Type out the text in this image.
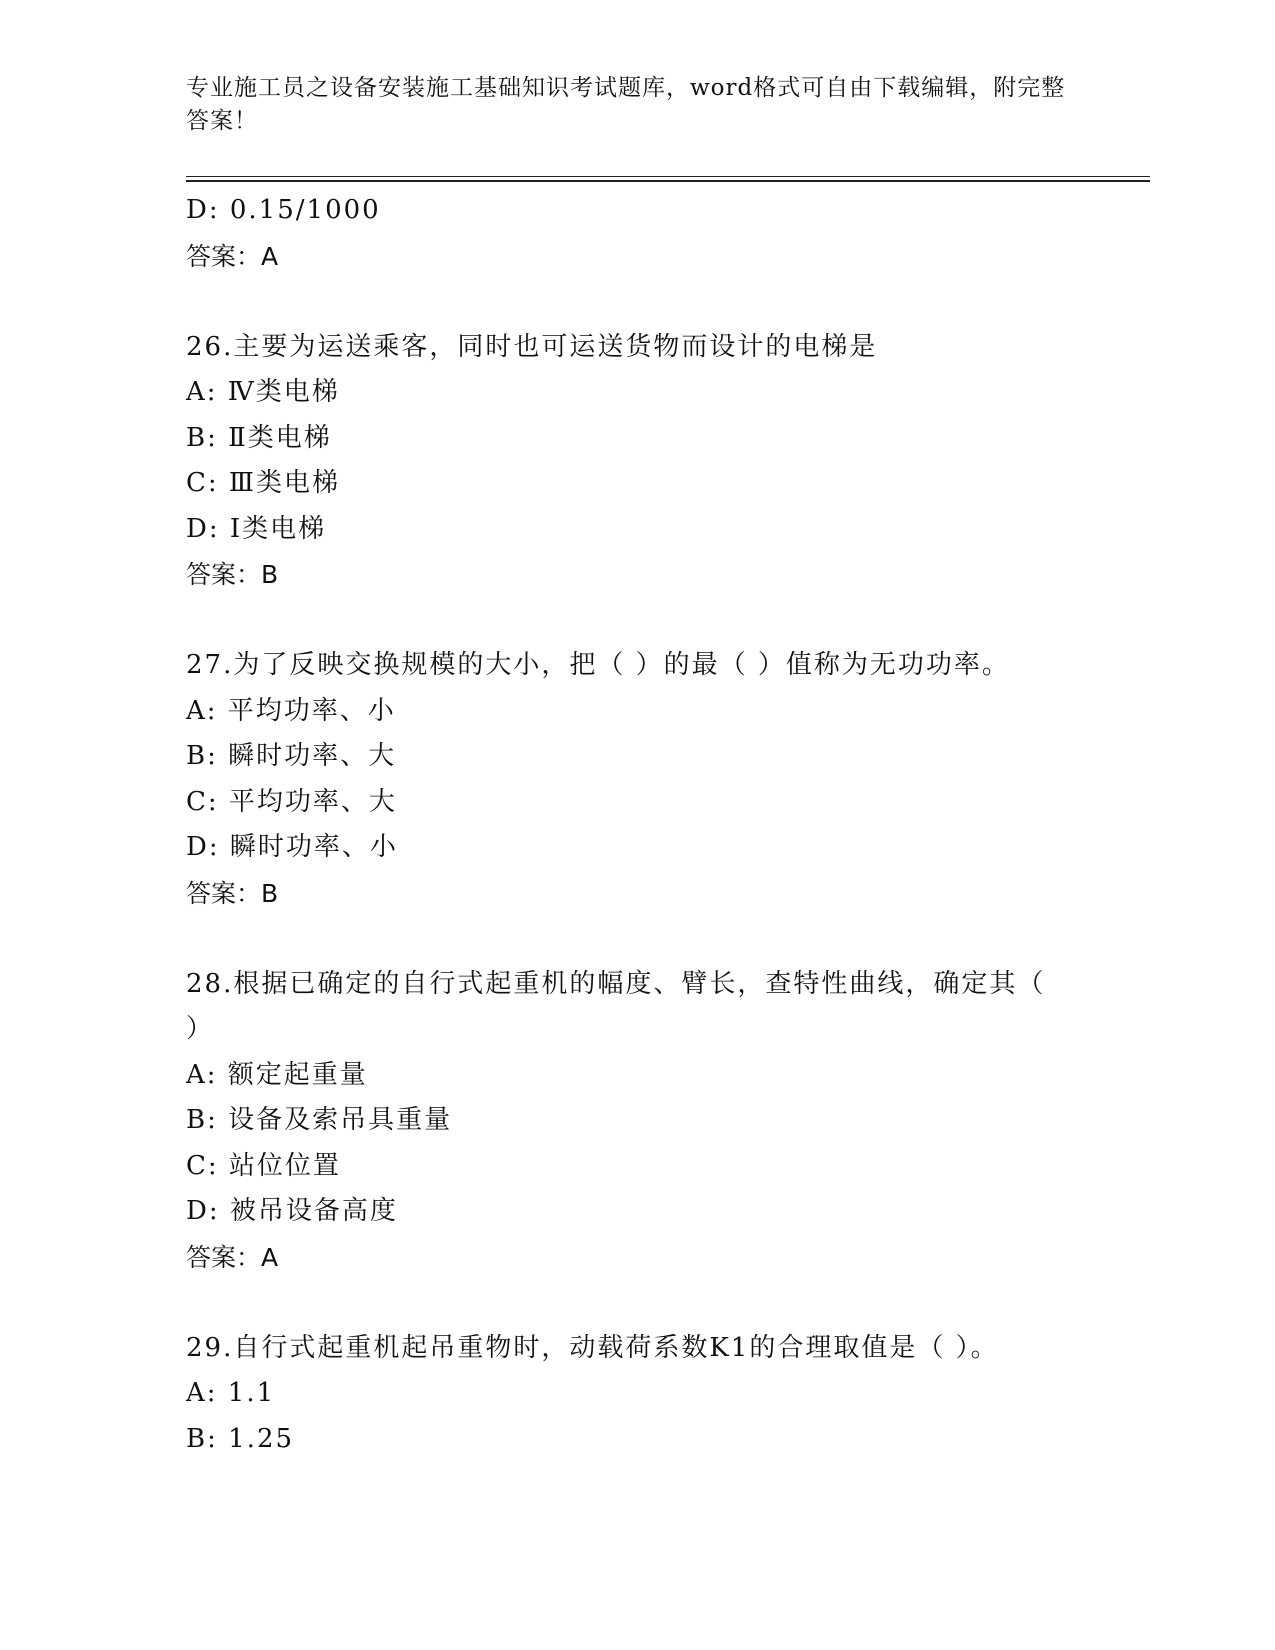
专业施工员之设备安装施工基础知识考试题库，word格式可自由下载编辑，附完整答案！
D: 0.15/1000
答案：A
26.主要为运送乘客，同时也可运送货物而设计的电梯是
A: Ⅳ类电梯
B: Ⅱ类电梯
C: Ⅲ类电梯
D: Ⅰ类电梯
答案：B
27.为了反映交换规模的大小，把（ ）的最（ ）值称为无功功率。
A: 平均功率、小
B: 瞬时功率、大
C: 平均功率、大
D: 瞬时功率、小
答案：B
28.根据已确定的自行式起重机的幅度、臂长，查特性曲线，确定其（ ）
A: 额定起重量
B: 设备及索吊具重量
C: 站位位置
D: 被吊设备高度
答案：A
29.自行式起重机起吊重物时，动载荷系数K1的合理取值是（ ）。
A: 1.1
B: 1.25
